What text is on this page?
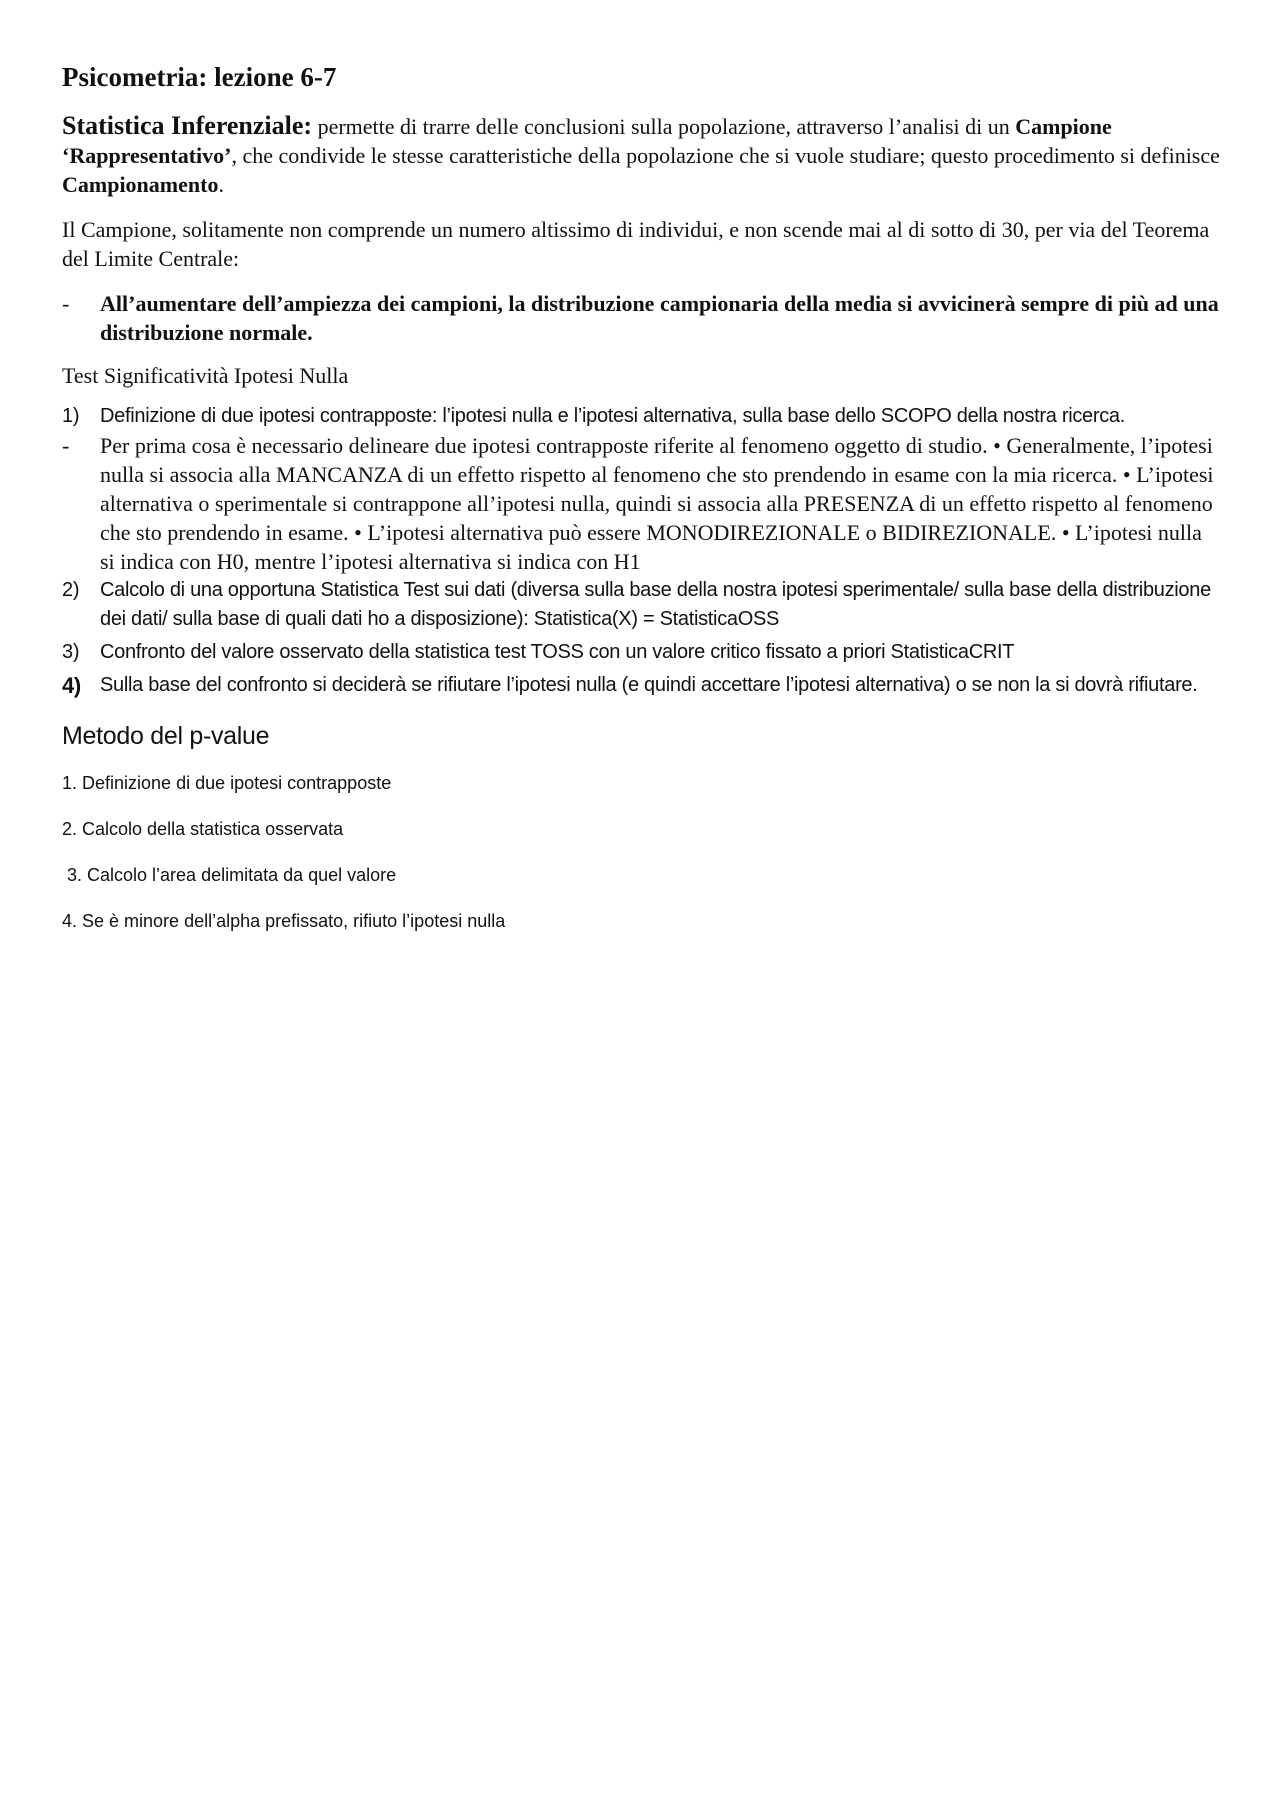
Psicometria: lezione 6-7

Statistica Inferenziale: permette di trarre delle conclusioni sulla popolazione, attraverso l’analisi di un Campione ‘Rappresentativo’, che condivide le stesse caratteristiche della popolazione che si vuole studiare; questo procedimento si definisce Campionamento.

Il Campione, solitamente non comprende un numero altissimo di individui, e non scende mai al di sotto di 30, per via del Teorema del Limite Centrale:

-	All’aumentare dell’ampiezza dei campioni, la distribuzione campionaria della media si avvicinerà sempre di più ad una distribuzione normale.

Test Significatività Ipotesi Nulla

1)	Definizione di due ipotesi contrapposte: l’ipotesi nulla e l’ipotesi alternativa, sulla base dello SCOPO della nostra ricerca.
-	Per prima cosa è necessario delineare due ipotesi contrapposte riferite al fenomeno oggetto di studio. • Generalmente, l’ipotesi nulla si associa alla MANCANZA di un effetto rispetto al fenomeno che sto prendendo in esame con la mia ricerca. • L’ipotesi alternativa o sperimentale si contrappone all’ipotesi nulla, quindi si associa alla PRESENZA di un effetto rispetto al fenomeno che sto prendendo in esame. • L’ipotesi alternativa può essere MONODIREZIONALE o BIDIREZIONALE. • L’ipotesi nulla si indica con H0, mentre l’ipotesi alternativa si indica con H1
2)	Calcolo di una opportuna Statistica Test sui dati (diversa sulla base della nostra ipotesi sperimentale/ sulla base della distribuzione dei dati/ sulla base di quali dati ho a disposizione): Statistica(X) = StatisticaOSS
3)	Confronto del valore osservato della statistica test TOSS con un valore critico fissato a priori StatisticaCRIT
4) Sulla base del confronto si deciderà se rifiutare l’ipotesi nulla (e quindi accettare l’ipotesi alternativa) o se non la si dovrà rifiutare.
Metodo del p-value
1. Definizione di due ipotesi contrapposte
2. Calcolo della statistica osservata
3. Calcolo l’area delimitata da quel valore
4. Se è minore dell’alpha prefissato, rifiuto l’ipotesi nulla
